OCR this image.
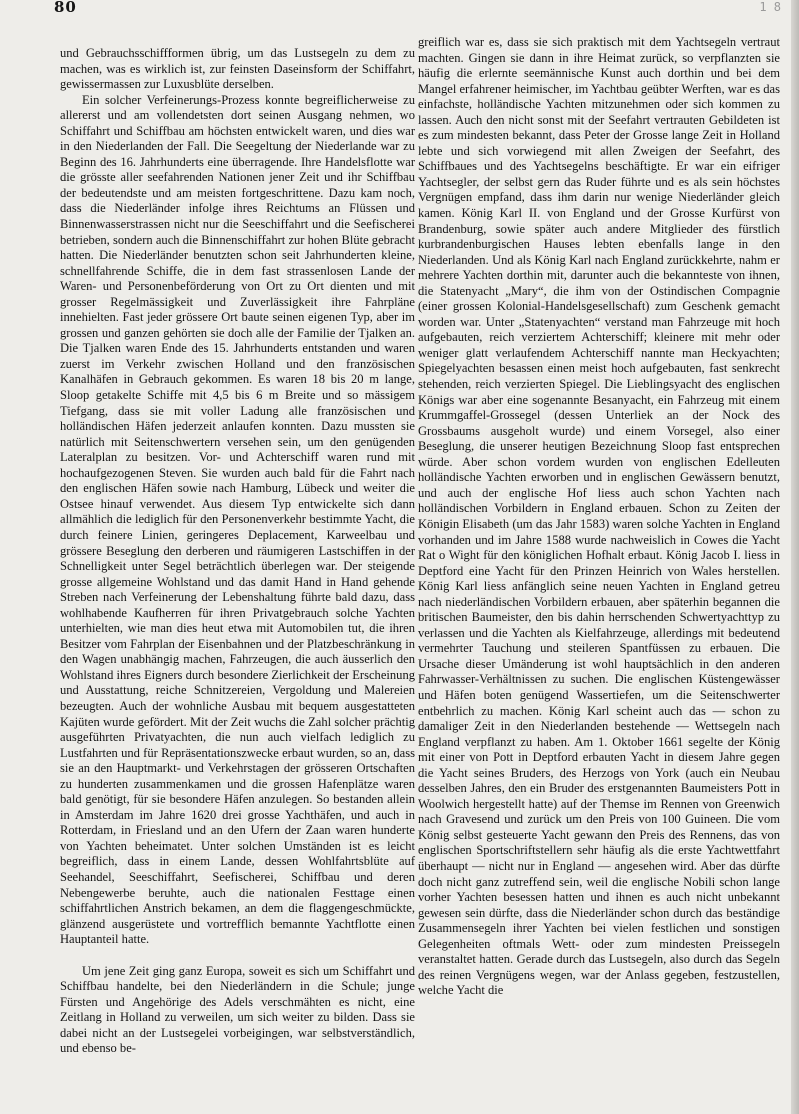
80	1 8

und Gebrauchsschiffformen übrig, um das Lustsegeln zu dem zu machen, was es wirklich ist, zur feinsten Daseinsform der Schiffahrt, gewissermassen zur Luxusblüte derselben.

Ein solcher Verfeinerungs-Prozess konnte begreiflicherweise zu allererst und am vollendetsten dort seinen Ausgang nehmen, wo Schiffahrt und Schiffbau am höchsten entwickelt waren, und dies war in den Niederlanden der Fall. Die Seegeltung der Niederlande war zu Beginn des 16. Jahrhunderts eine überragende. Ihre Handelsflotte war die grösste aller seefahrenden Nationen jener Zeit und ihr Schiffbau der bedeutendste und am meisten fortgeschrittene. Dazu kam noch, dass die Niederländer infolge ihres Reichtums an Flüssen und Binnenwasserstrassen nicht nur die Seeschiffahrt und die Seefischerei betrieben, sondern auch die Binnenschiffahrt zur hohen Blüte gebracht hatten. Die Niederländer benutzten schon seit Jahrhunderten kleine, schnellfahrende Schiffe, die in dem fast strassenlosen Lande der Waren- und Personenbeförderung von Ort zu Ort dienten und mit grosser Regelmässigkeit und Zuverlässigkeit ihre Fahrpläne innehielten. Fast jeder grössere Ort baute seinen eigenen Typ, aber im grossen und ganzen gehörten sie doch alle der Familie der Tjalken an. Die Tjalken waren Ende des 15. Jahrhunderts entstanden und waren zuerst im Verkehr zwischen Holland und den französischen Kanalhäfen in Gebrauch gekommen. Es waren 18 bis 20 m lange, Sloop getakelte Schiffe mit 4,5 bis 6 m Breite und so mässigem Tiefgang, dass sie mit voller Ladung alle französischen und holländischen Häfen jederzeit anlaufen konnten. Dazu mussten sie natürlich mit Seitenschwertern versehen sein, um den genügenden Lateralplan zu besitzen. Vor- und Achterschiff waren rund mit hochaufgezogenen Steven. Sie wurden auch bald für die Fahrt nach den englischen Häfen sowie nach Hamburg, Lübeck und weiter die Ostsee hinauf verwendet. Aus diesem Typ entwickelte sich dann allmählich die lediglich für den Personenverkehr bestimmte Yacht, die durch feinere Linien, geringeres Deplacement, Karweelbau und grössere Beseglung den derberen und räumigeren Lastschiffen in der Schnelligkeit unter Segel beträchtlich überlegen war. Der steigende grosse allgemeine Wohlstand und das damit Hand in Hand gehende Streben nach Verfeinerung der Lebenshaltung führte bald dazu, dass wohlhabende Kaufherren für ihren Privatgebrauch solche Yachten unterhielten, wie man dies heut etwa mit Automobilen tut, die ihren Besitzer vom Fahrplan der Eisenbahnen und der Platzbeschränkung in den Wagen unabhängig machen, Fahrzeugen, die auch äusserlich den Wohlstand ihres Eigners durch besondere Zierlichkeit der Erscheinung und Ausstattung, reiche Schnitzereien, Vergoldung und Malereien bezeugten. Auch der wohnliche Ausbau mit bequem ausgestatteten Kajüten wurde gefördert. Mit der Zeit wuchs die Zahl solcher prächtig ausgeführten Privatyachten, die nun auch vielfach lediglich zu Lustfahrten und für Repräsentationszwecke erbaut wurden, so an, dass sie an den Hauptmarkt- und Verkehrstagen der grösseren Ortschaften zu hunderten zusammenkamen und die grossen Hafenplätze waren bald genötigt, für sie besondere Häfen anzulegen. So bestanden allein in Amsterdam im Jahre 1620 drei grosse Yachthäfen, und auch in Rotterdam, in Friesland und an den Ufern der Zaan waren hunderte von Yachten beheimatet. Unter solchen Umständen ist es leicht begreiflich, dass in einem Lande, dessen Wohlfahrtsblüte auf Seehandel, Seeschiffahrt, Seefischerei, Schiffbau und deren Nebengewerbe beruhte, auch die nationalen Festtage einen schiffahrtlichen Anstrich bekamen, an dem die flaggengeschmückte, glänzend ausgerüstete und vortrefflich bemannte Yachtflotte einen Hauptanteil hatte.

Um jene Zeit ging ganz Europa, soweit es sich um Schiffahrt und Schiffbau handelte, bei den Niederländern in die Schule; junge Fürsten und Angehörige des Adels verschmähten es nicht, eine Zeitlang in Holland zu verweilen, um sich weiter zu bilden. Dass sie dabei nicht an der Lustsegelei vorbeigingen, war selbstverständlich, und ebenso be-

greiflich war es, dass sie sich praktisch mit dem Yachtsegeln vertraut machten. Gingen sie dann in ihre Heimat zurück, so verpflanzten sie häufig die erlernte seemännische Kunst auch dorthin und bei dem Mangel erfahrener heimischer, im Yachtbau geübter Werften, war es das einfachste, holländische Yachten mitzunehmen oder sich kommen zu lassen. Auch den nicht sonst mit der Seefahrt vertrauten Gebildeten ist es zum mindesten bekannt, dass Peter der Grosse lange Zeit in Holland lebte und sich vorwiegend mit allen Zweigen der Seefahrt, des Schiffbaues und des Yachtsegelns beschäftigte. Er war ein eifriger Yachtsegler, der selbst gern das Ruder führte und es als sein höchstes Vergnügen empfand, dass ihm darin nur wenige Niederländer gleich kamen. König Karl II. von England und der Grosse Kurfürst von Brandenburg, sowie später auch andere Mitglieder des fürstlich kurbrandenburgischen Hauses lebten ebenfalls lange in den Niederlanden. Und als König Karl nach England zurückkehrte, nahm er mehrere Yachten dorthin mit, darunter auch die bekannteste von ihnen, die Statenyacht „Mary“, die ihm von der Ostindischen Compagnie (einer grossen Kolonial-Handelsgesellschaft) zum Geschenk gemacht worden war. Unter „Statenyachten“ verstand man Fahrzeuge mit hoch aufgebauten, reich verziertem Achterschiff; kleinere mit mehr oder weniger glatt verlaufendem Achterschiff nannte man Heckyachten; Spiegelyachten besassen einen meist hoch aufgebauten, fast senkrecht stehenden, reich verzierten Spiegel. Die Lieblingsyacht des englischen Königs war aber eine sogenannte Besanyacht, ein Fahrzeug mit einem Krummgaffel-Grossegel (dessen Unterliek an der Nock des Grossbaums ausgeholt wurde) und einem Vorsegel, also einer Beseglung, die unserer heutigen Bezeichnung Sloop fast entsprechen würde. Aber schon vordem wurden von englischen Edelleuten holländische Yachten erworben und in englischen Gewässern benutzt, und auch der englische Hof liess auch schon Yachten nach holländischen Vorbildern in England erbauen. Schon zu Zeiten der Königin Elisabeth (um das Jahr 1583) waren solche Yachten in England vorhanden und im Jahre 1588 wurde nachweislich in Cowes die Yacht Rat o Wight für den königlichen Hofhalt erbaut. König Jacob I. liess in Deptford eine Yacht für den Prinzen Heinrich von Wales herstellen. König Karl liess anfänglich seine neuen Yachten in England getreu nach niederländischen Vorbildern erbauen, aber späterhin begannen die britischen Baumeister, den bis dahin herrschenden Schwertyachttyp zu verlassen und die Yachten als Kielfahrzeuge, allerdings mit bedeutend vermehrter Tauchung und steileren Spantfüssen zu erbauen. Die Ursache dieser Umänderung ist wohl hauptsächlich in den anderen Fahrwasser-Verhältnissen zu suchen. Die englischen Küstengewässer und Häfen boten genügend Wassertiefen, um die Seitenschwerter entbehrlich zu machen. König Karl scheint auch das — schon zu damaliger Zeit in den Niederlanden bestehende — Wettsegeln nach England verpflanzt zu haben. Am 1. Oktober 1661 segelte der König mit einer von Pott in Deptford erbauten Yacht in diesem Jahre gegen die Yacht seines Bruders, des Herzogs von York (auch ein Neubau desselben Jahres, den ein Bruder des erstgenannten Baumeisters Pott in Woolwich hergestellt hatte) auf der Themse im Rennen von Greenwich nach Gravesend und zurück um den Preis von 100 Guineen. Die vom König selbst gesteuerte Yacht gewann den Preis des Rennens, das von englischen Sportschriftstellern sehr häufig als die erste Yachtwettfahrt überhaupt — nicht nur in England — angesehen wird. Aber das dürfte doch nicht ganz zutreffend sein, weil die englische Nobili schon lange vorher Yachten besessen hatten und ihnen es auch nicht unbekannt gewesen sein dürfte, dass die Niederländer schon durch das beständige Zusammensegeln ihrer Yachten bei vielen festlichen und sonstigen Gelegenheiten oftmals Wett- oder zum mindesten Preissegeln veranstaltet hatten. Gerade durch das Lustsegeln, also durch das Segeln des reinen Vergnügens wegen, war der Anlass gegeben, festzustellen, welche Yacht die
